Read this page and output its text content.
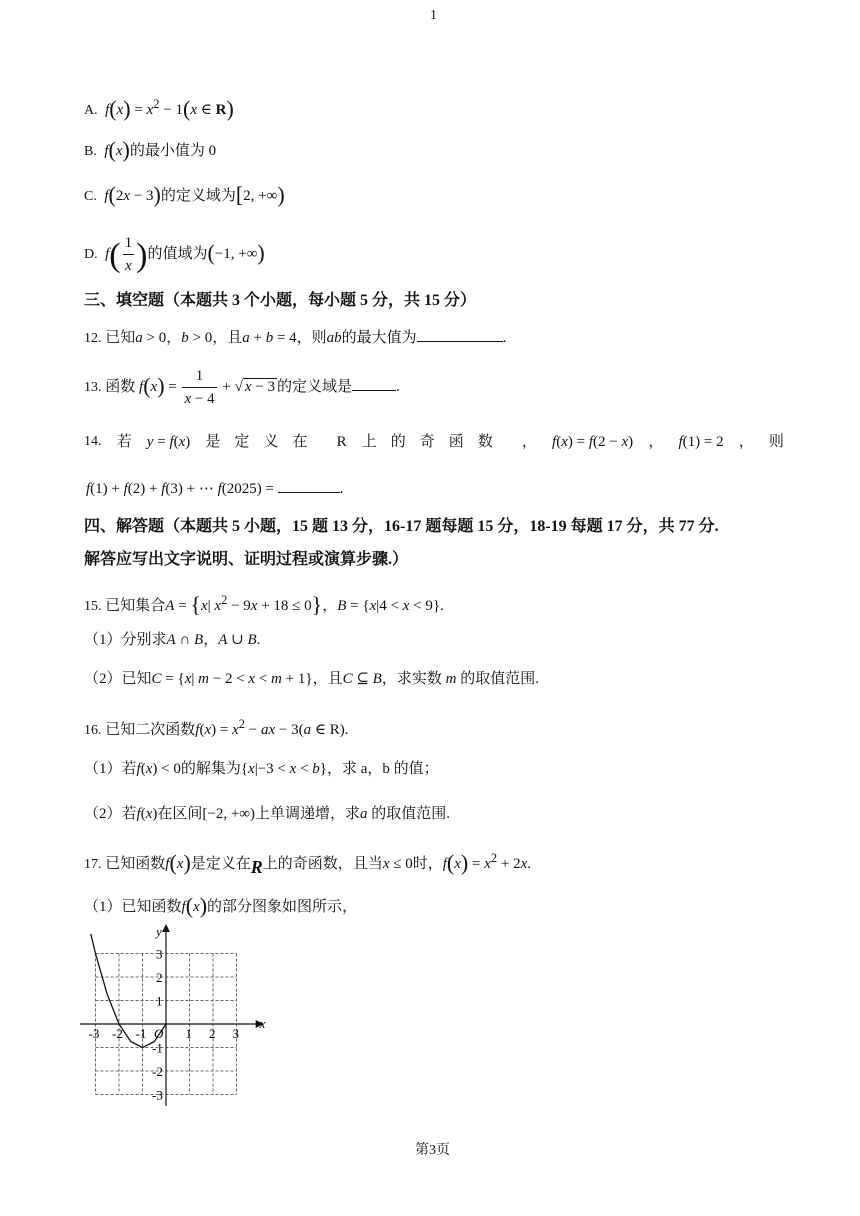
1
A. $f(x) = x^2 - 1(x$ ∈ R)
B. f(x)的最小值为 0
C. f(2x − 3)的定义域为[2, +∞)
D. $f( \frac{1}{x}$ )的值域为(−1, +∞)
三、填空题（本题共 3 个小题，每小题 5 分，共 15 分）
12. 已知a > 0，b > 0，且a + b = 4，则ab的最大值为	.
13. 函数 $f(x) = \frac{1}{x - 4}$ + √ x − 3 的定义域是	.
14. 若 y = f(x) 是定义在 R 上的奇函数 ， f(x) = f(2 − x) ， f(1) = 2 ， 则
f(1) + f(2) + f(3) + ⋯ f(2025) =	.
四、解答题（本题共 5 小题，15 题 13 分，16-17 题每题 15 分，18-19 每题 17 分，共 77 分.
解答应写出文字说明、证明过程或演算步骤.）
15. 已知集合A = {x| $x^2 - 9x + 18 \le 0$}，B = {x|4 < x < 9}.
（1）分别求A ∩ B，A ∪ B.
（2）已知C = {x| m − 2 < x < m + 1}，且C ⊆ B，求实数 m 的取值范围.
16. 已知二次函数$f(x) = x^2$ − ax − 3(a ∈ R).
（1）若f(x) < 0的解集为{x|−3 < x < b}，求 a，b 的值；
（2）若f(x)在区间[−2, +∞)上单调递增，求a 的取值范围.
17. 已知函数f(x)是定义在R上的奇函数，且当x ≤ 0时，$f(x) = x^2 + 2x$.
（1）已知函数f(x)的部分图象如图所示，
-3 -2 -1	1 2 3
3
2
1
-1
-2
-3
O
x
y
第3页
